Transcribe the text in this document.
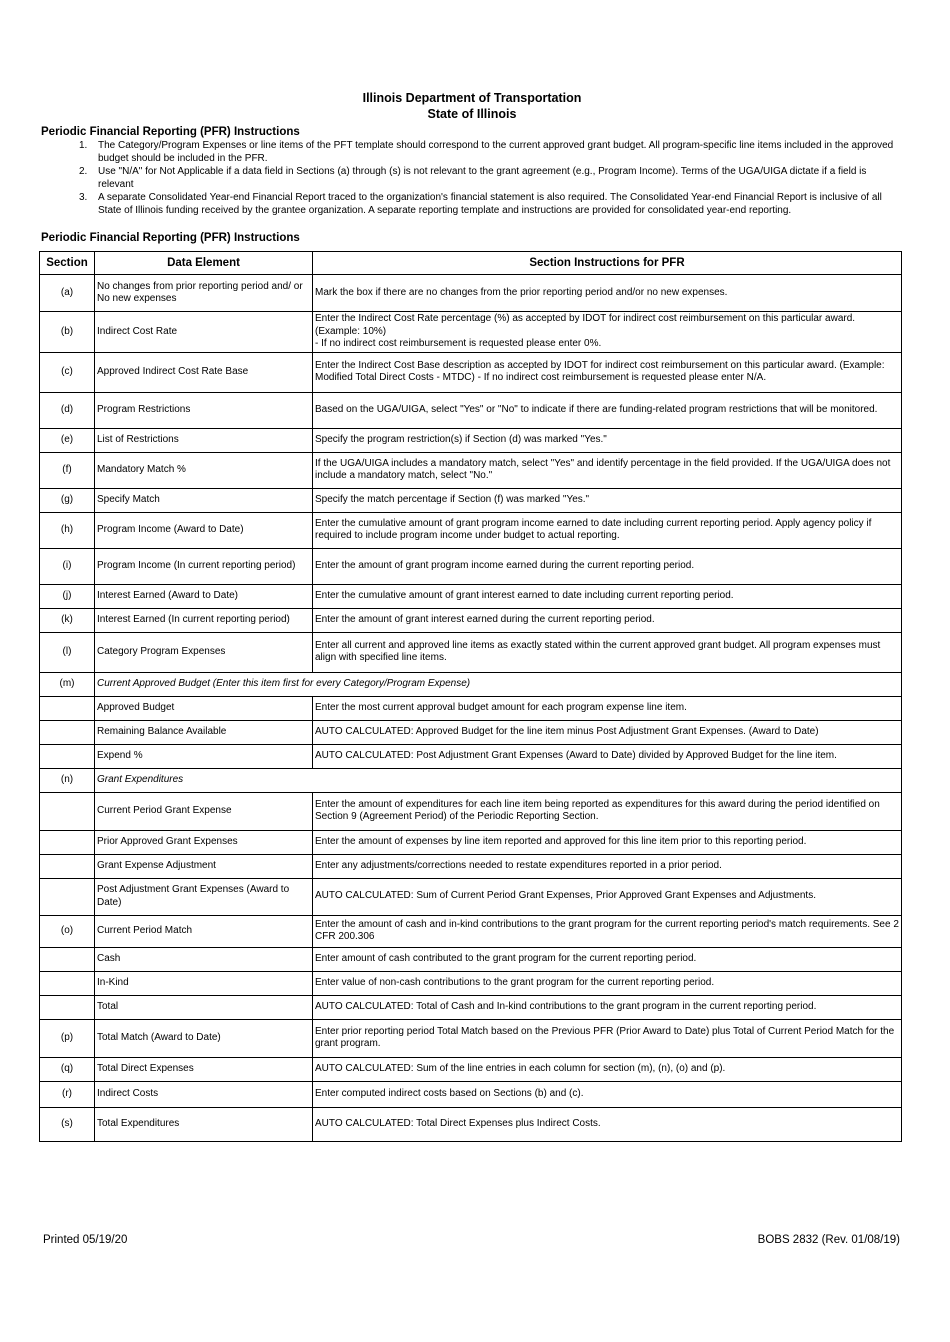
Illinois Department of Transportation
State of Illinois
Periodic Financial Reporting (PFR) Instructions
1. The Category/Program Expenses or line items of the PFT template should correspond to the current approved grant budget. All program-specific line items included in the approved budget should be included in the PFR.
2. Use "N/A" for Not Applicable if a data field in Sections (a) through (s) is not relevant to the grant agreement (e.g., Program Income). Terms of the UGA/UIGA dictate if a field is relevant
3. A separate Consolidated Year-end Financial Report traced to the organization's financial statement is also required. The Consolidated Year-end Financial Report is inclusive of all State of Illinois funding received by the grantee organization. A separate reporting template and instructions are provided for consolidated year-end reporting.
Periodic Financial Reporting (PFR) Instructions
Section	Data Element	Section Instructions for PFR
(a)	No changes from prior reporting period and/ or No new expenses	Mark the box if there are no changes from the prior reporting period and/or no new expenses.
(b)	Indirect Cost Rate	Enter the Indirect Cost Rate percentage (%) as accepted by IDOT for indirect cost reimbursement on this particular award. (Example: 10%)
- If no indirect cost reimbursement is requested please enter 0%.
(c)	Approved Indirect Cost Rate Base	Enter the Indirect Cost Base description as accepted by IDOT for indirect cost reimbursement on this particular award. (Example: Modified Total Direct Costs - MTDC) - If no indirect cost reimbursement is requested please enter N/A.
(d)	Program Restrictions	Based on the UGA/UIGA, select "Yes" or "No" to indicate if there are funding-related program restrictions that will be monitored.
(e)	List of Restrictions	Specify the program restriction(s) if Section (d) was marked "Yes."
(f)	Mandatory Match %	If the UGA/UIGA includes a mandatory match, select "Yes" and identify percentage in the field provided. If the UGA/UIGA does not include a mandatory match, select "No."
(g)	Specify Match	Specify the match percentage if Section (f) was marked "Yes."
(h)	Program Income (Award to Date)	Enter the cumulative amount of grant program income earned to date including current reporting period. Apply agency policy if required to include program income under budget to actual reporting.
(i)	Program Income (In current reporting period)	Enter the amount of grant program income earned during the current reporting period.
(j)	Interest Earned (Award to Date)	Enter the cumulative amount of grant interest earned to date including current reporting period.
(k)	Interest Earned (In current reporting period)	Enter the amount of grant interest earned during the current reporting period.
(l)	Category Program Expenses	Enter all current and approved line items as exactly stated within the current approved grant budget. All program expenses must align with specified line items.
(m)	Current Approved Budget (Enter this item first for every Category/Program Expense)	
	Approved Budget	Enter the most current approval budget amount for each program expense line item.
	Remaining Balance Available	AUTO CALCULATED: Approved Budget for the line item minus Post Adjustment Grant Expenses. (Award to Date)
	Expend %	AUTO CALCULATED: Post Adjustment Grant Expenses (Award to Date) divided by Approved Budget for the line item.
(n)	Grant Expenditures	
	Current Period Grant Expense	Enter the amount of expenditures for each line item being reported as expenditures for this award during the period identified on Section 9 (Agreement Period) of the Periodic Reporting Section.
	Prior Approved Grant Expenses	Enter the amount of expenses by line item reported and approved for this line item prior to this reporting period.
	Grant Expense Adjustment	Enter any adjustments/corrections needed to restate expenditures reported in a prior period.
	Post Adjustment Grant Expenses (Award to Date)	AUTO CALCULATED: Sum of Current Period Grant Expenses, Prior Approved Grant Expenses and Adjustments.
(o)	Current Period Match	Enter the amount of cash and in-kind contributions to the grant program for the current reporting period's match requirements. See 2 CFR 200.306
	Cash	Enter amount of cash contributed to the grant program for the current reporting period.
	In-Kind	Enter value of non-cash contributions to the grant program for the current reporting period.
	Total	AUTO CALCULATED: Total of Cash and In-kind contributions to the grant program in the current reporting period.
(p)	Total Match (Award to Date)	Enter prior reporting period Total Match based on the Previous PFR (Prior Award to Date) plus Total of Current Period Match for the grant program.
(q)	Total Direct Expenses	AUTO CALCULATED: Sum of the line entries in each column for section (m), (n), (o) and (p).
(r)	Indirect Costs	Enter computed indirect costs based on Sections (b) and (c).
(s)	Total Expenditures	AUTO CALCULATED: Total Direct Expenses plus Indirect Costs.
Printed 05/19/20	BOBS 2832 (Rev. 01/08/19)
